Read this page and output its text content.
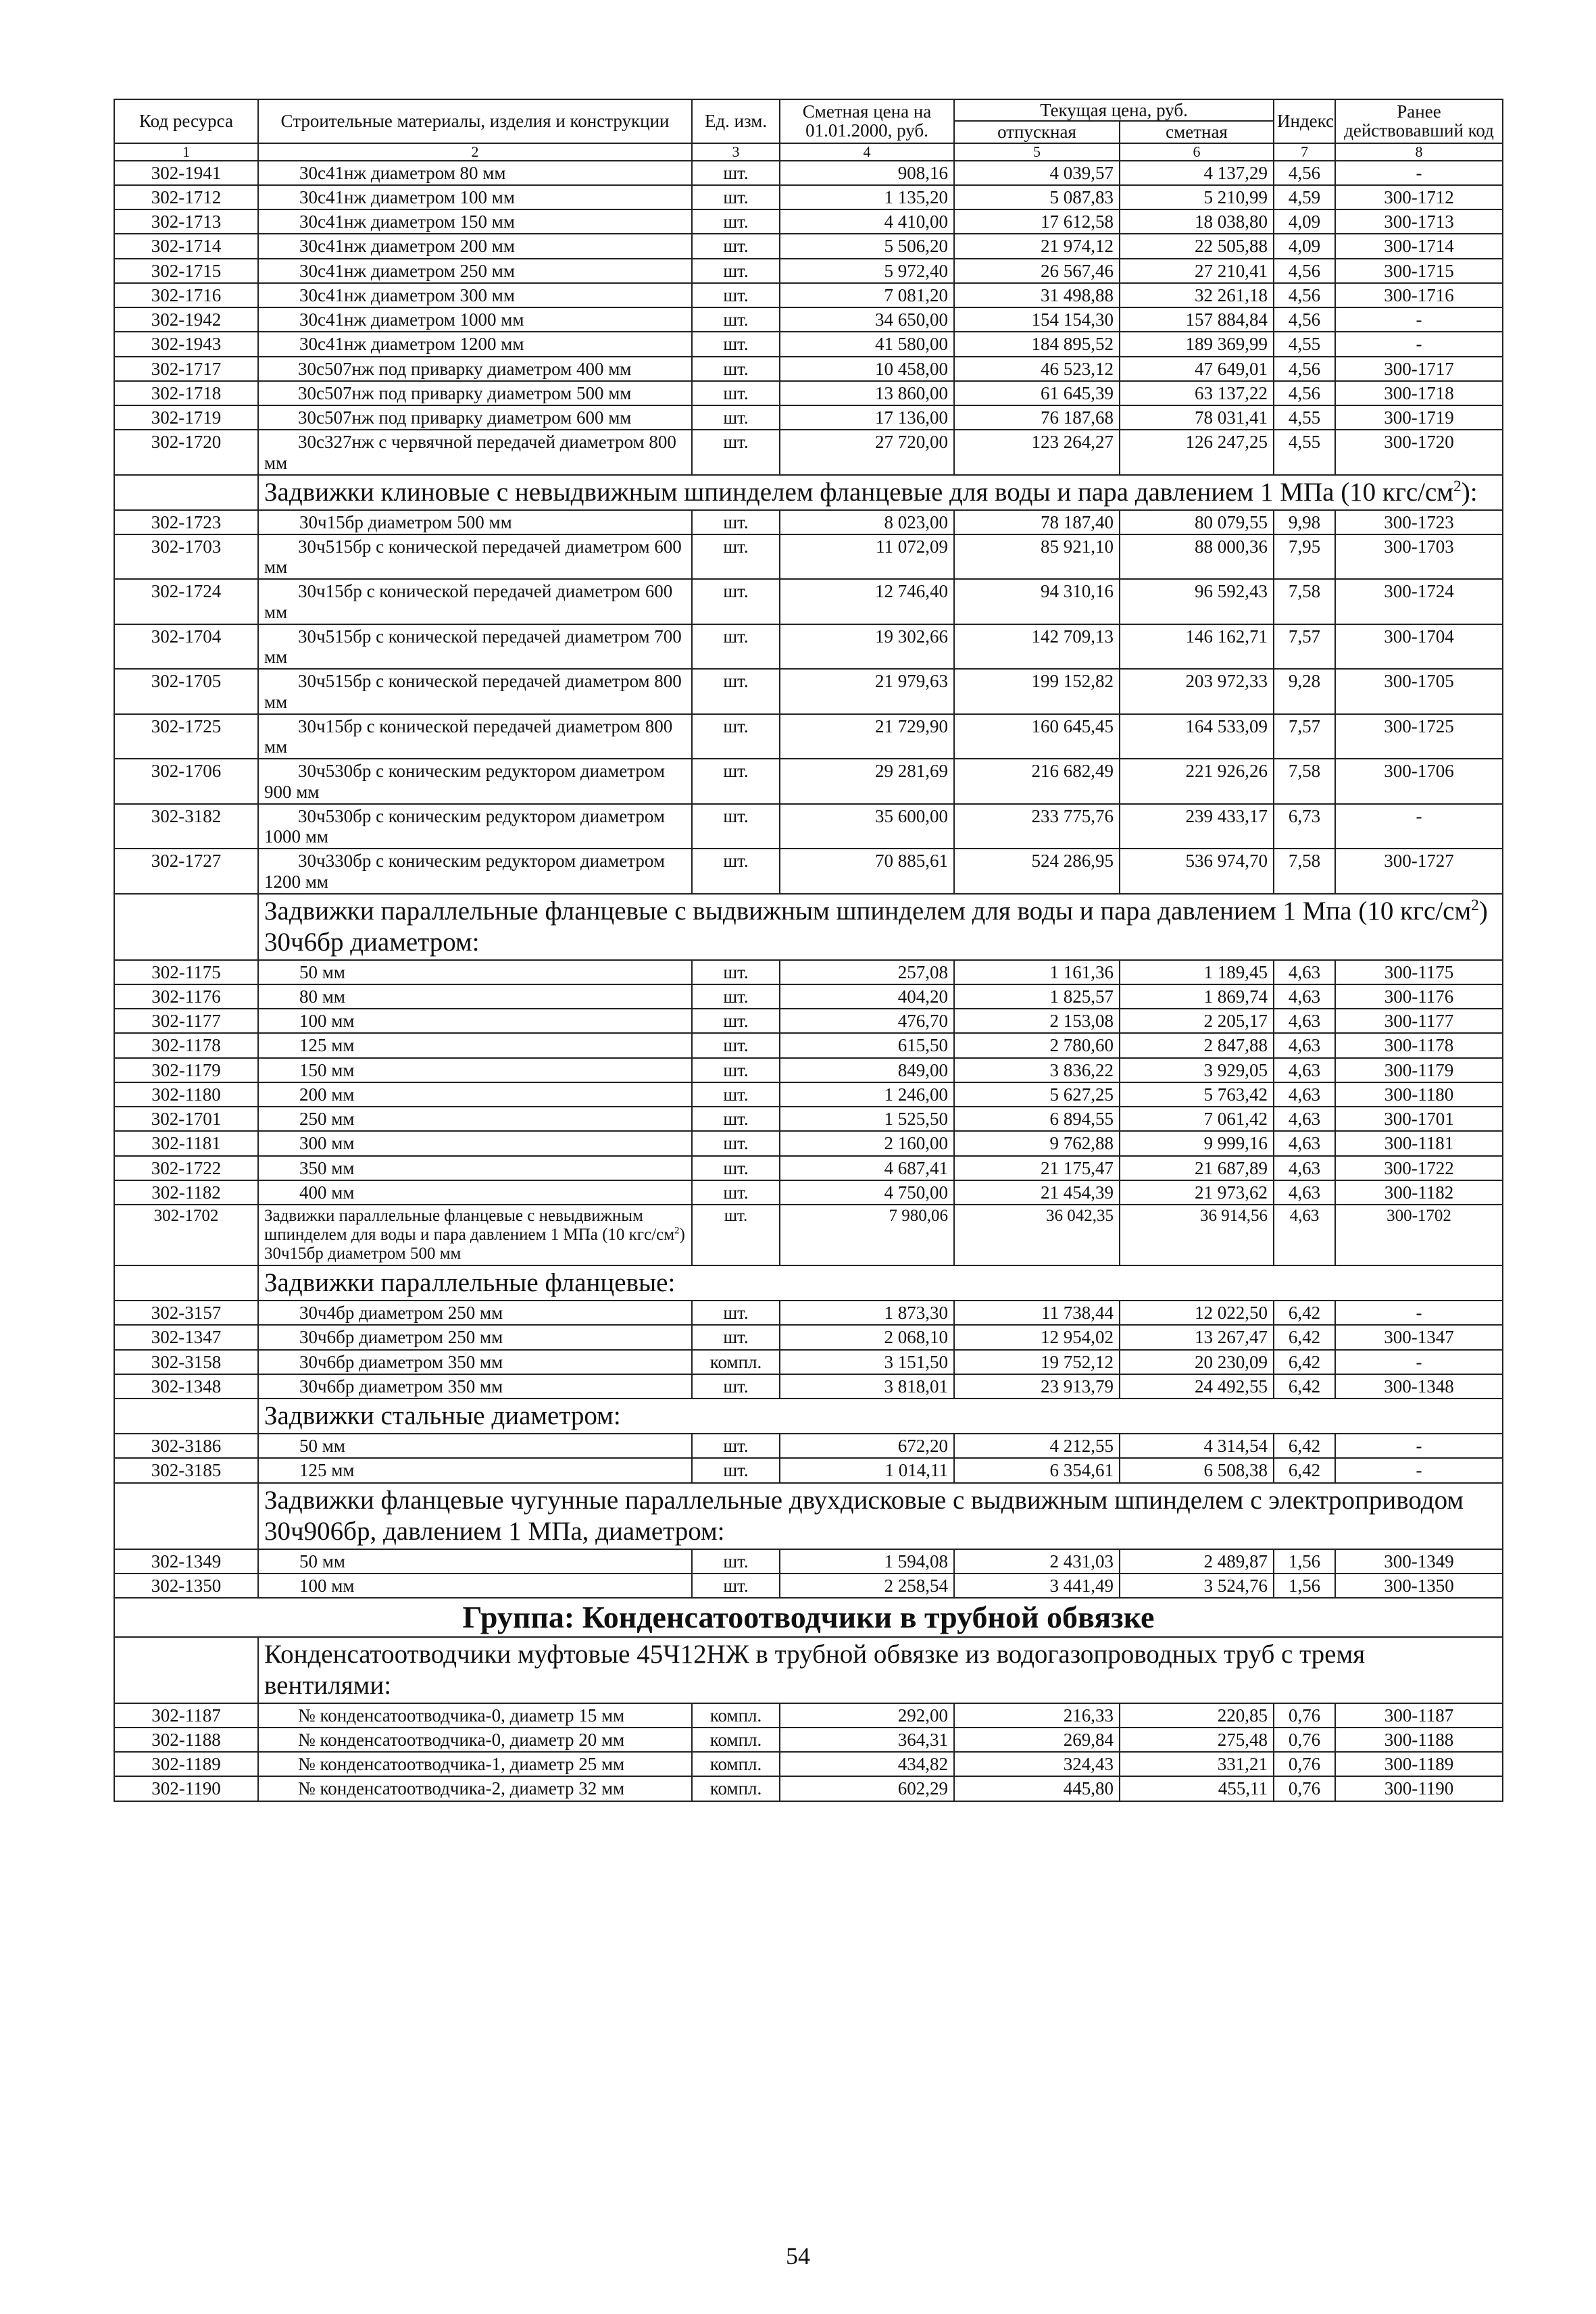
Код ресурса	Строительные материалы, изделия и конструкции	Ед. изм.	Сметная цена на 01.01.2000, руб.	Текущая цена, руб.		Индекс	Ранее действовавший код
				отпускная	сметная		
1	2	3	4	5	6	7	8
302-1941	30с41нж диаметром 80 мм	шт.	908,16	4 039,57	4 137,29	4,56	-
302-1712	30с41нж диаметром 100 мм	шт.	1 135,20	5 087,83	5 210,99	4,59	300-1712
302-1713	30с41нж диаметром 150 мм	шт.	4 410,00	17 612,58	18 038,80	4,09	300-1713
302-1714	30с41нж диаметром 200 мм	шт.	5 506,20	21 974,12	22 505,88	4,09	300-1714
302-1715	30с41нж диаметром 250 мм	шт.	5 972,40	26 567,46	27 210,41	4,56	300-1715
302-1716	30с41нж диаметром 300 мм	шт.	7 081,20	31 498,88	32 261,18	4,56	300-1716
302-1942	30с41нж диаметром 1000 мм	шт.	34 650,00	154 154,30	157 884,84	4,56	-
302-1943	30с41нж диаметром 1200 мм	шт.	41 580,00	184 895,52	189 369,99	4,55	-
302-1717	30с507нж под приварку диаметром 400 мм	шт.	10 458,00	46 523,12	47 649,01	4,56	300-1717
302-1718	30с507нж под приварку диаметром 500 мм	шт.	13 860,00	61 645,39	63 137,22	4,56	300-1718
302-1719	30с507нж под приварку диаметром 600 мм	шт.	17 136,00	76 187,68	78 031,41	4,55	300-1719
302-1720	30с327нж с червячной передачей диаметром 800 мм	шт.	27 720,00	123 264,27	126 247,25	4,55	300-1720
	Задвижки клиновые с невыдвижным шпинделем фланцевые для воды и пара давлением 1 МПа (10 кгс/$см^2$):						
302-1723	30ч15бр диаметром 500 мм	шт.	8 023,00	78 187,40	80 079,55	9,98	300-1723
302-1703	30ч515бр с конической передачей диаметром 600 мм	шт.	11 072,09	85 921,10	88 000,36	7,95	300-1703
302-1724	30ч15бр с конической передачей диаметром 600 мм	шт.	12 746,40	94 310,16	96 592,43	7,58	300-1724
302-1704	30ч515бр с конической передачей диаметром 700 мм	шт.	19 302,66	142 709,13	146 162,71	7,57	300-1704
302-1705	30ч515бр с конической передачей диаметром 800 мм	шт.	21 979,63	199 152,82	203 972,33	9,28	300-1705
302-1725	30ч15бр с конической передачей диаметром 800 мм	шт.	21 729,90	160 645,45	164 533,09	7,57	300-1725
302-1706	30ч530бр с коническим редуктором диаметром 900 мм	шт.	29 281,69	216 682,49	221 926,26	7,58	300-1706
302-3182	30ч530бр с коническим редуктором диаметром 1000 мм	шт.	35 600,00	233 775,76	239 433,17	6,73	-
302-1727	30ч330бр с коническим редуктором диаметром 1200 мм	шт.	70 885,61	524 286,95	536 974,70	7,58	300-1727
	Задвижки параллельные фланцевые с выдвижным шпинделем для воды и пара давлением 1 Мпа (10 кгс/$см^2$) 30ч6бр диаметром:						
302-1175	50 мм	шт.	257,08	1 161,36	1 189,45	4,63	300-1175
302-1176	80 мм	шт.	404,20	1 825,57	1 869,74	4,63	300-1176
302-1177	100 мм	шт.	476,70	2 153,08	2 205,17	4,63	300-1177
302-1178	125 мм	шт.	615,50	2 780,60	2 847,88	4,63	300-1178
302-1179	150 мм	шт.	849,00	3 836,22	3 929,05	4,63	300-1179
302-1180	200 мм	шт.	1 246,00	5 627,25	5 763,42	4,63	300-1180
302-1701	250 мм	шт.	1 525,50	6 894,55	7 061,42	4,63	300-1701
302-1181	300 мм	шт.	2 160,00	9 762,88	9 999,16	4,63	300-1181
302-1722	350 мм	шт.	4 687,41	21 175,47	21 687,89	4,63	300-1722
302-1182	400 мм	шт.	4 750,00	21 454,39	21 973,62	4,63	300-1182
302-1702	Задвижки параллельные фланцевые с невыдвижным шпинделем для воды и пара давлением 1 МПа (10 кгс/$см^2$) 30ч15бр диаметром 500 мм	шт.	7 980,06	36 042,35	36 914,56	4,63	300-1702
	Задвижки параллельные фланцевые:						
302-3157	30ч4бр диаметром 250 мм	шт.	1 873,30	11 738,44	12 022,50	6,42	-
302-1347	30ч6бр диаметром 250 мм	шт.	2 068,10	12 954,02	13 267,47	6,42	300-1347
302-3158	30ч6бр диаметром 350 мм	компл.	3 151,50	19 752,12	20 230,09	6,42	-
302-1348	30ч6бр диаметром 350 мм	шт.	3 818,01	23 913,79	24 492,55	6,42	300-1348
	Задвижки стальные диаметром:						
302-3186	50 мм	шт.	672,20	4 212,55	4 314,54	6,42	-
302-3185	125 мм	шт.	1 014,11	6 354,61	6 508,38	6,42	-
	Задвижки фланцевые чугунные параллельные двухдисковые с выдвижным шпинделем с электроприводом 30ч906бр, давлением 1 МПа, диаметром:						
302-1349	50 мм	шт.	1 594,08	2 431,03	2 489,87	1,56	300-1349
302-1350	100 мм	шт.	2 258,54	3 441,49	3 524,76	1,56	300-1350
Группа: Конденсатоотводчики в трубной обвязке							
	Конденсатоотводчики муфтовые 45Ч12НЖ в трубной обвязке из водогазопроводных труб с тремя вентилями:						
302-1187	№ конденсатоотводчика-0, диаметр 15 мм	компл.	292,00	216,33	220,85	0,76	300-1187
302-1188	№ конденсатоотводчика-0, диаметр 20 мм	компл.	364,31	269,84	275,48	0,76	300-1188
302-1189	№ конденсатоотводчика-1, диаметр 25 мм	компл.	434,82	324,43	331,21	0,76	300-1189
302-1190	№ конденсатоотводчика-2, диаметр 32 мм	компл.	602,29	445,80	455,11	0,76	300-1190
54
